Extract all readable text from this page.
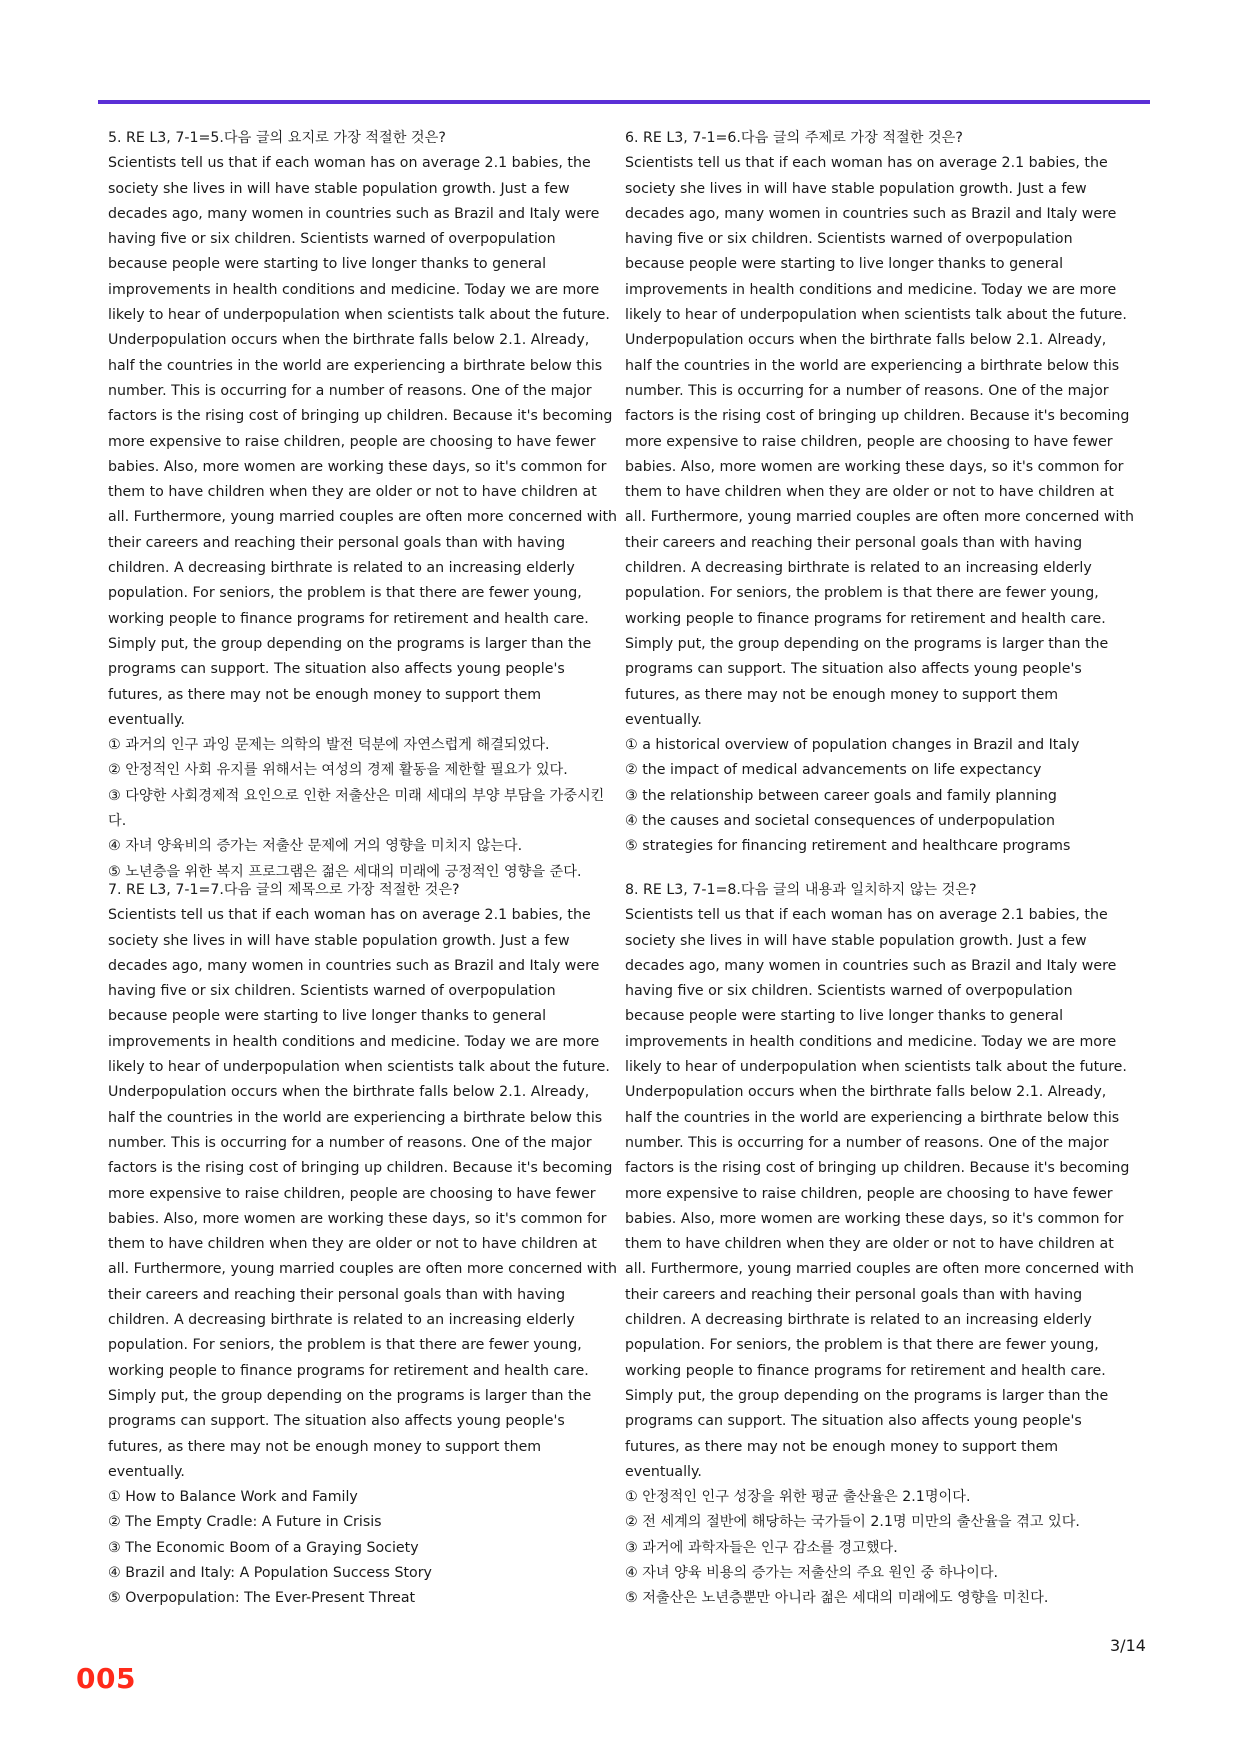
5. RE L3, 7-1=5.다음 글의 요지로 가장 적절한 것은?

Scientists tell us that if each woman has on average 2.1 babies, the society she lives in will have stable population growth. Just a few decades ago, many women in countries such as Brazil and Italy were having five or six children. Scientists warned of overpopulation because people were starting to live longer thanks to general improvements in health conditions and medicine. Today we are more likely to hear of underpopulation when scientists talk about the future. Underpopulation occurs when the birthrate falls below 2.1. Already, half the countries in the world are experiencing a birthrate below this number. This is occurring for a number of reasons. One of the major factors is the rising cost of bringing up children. Because it's becoming more expensive to raise children, people are choosing to have fewer babies. Also, more women are working these days, so it's common for them to have children when they are older or not to have children at all. Furthermore, young married couples are often more concerned with their careers and reaching their personal goals than with having children. A decreasing birthrate is related to an increasing elderly population. For seniors, the problem is that there are fewer young, working people to finance programs for retirement and health care. Simply put, the group depending on the programs is larger than the programs can support. The situation also affects young people's futures, as there may not be enough money to support them eventually.

① 과거의 인구 과잉 문제는 의학의 발전 덕분에 자연스럽게 해결되었다.
② 안정적인 사회 유지를 위해서는 여성의 경제 활동을 제한할 필요가 있다.
③ 다양한 사회경제적 요인으로 인한 저출산은 미래 세대의 부양 부담을 가중시킨다.
④ 자녀 양육비의 증가는 저출산 문제에 거의 영향을 미치지 않는다.
⑤ 노년층을 위한 복지 프로그램은 젊은 세대의 미래에 긍정적인 영향을 준다.

6. RE L3, 7-1=6.다음 글의 주제로 가장 적절한 것은?

Scientists tell us that if each woman has on average 2.1 babies, the society she lives in will have stable population growth. Just a few decades ago, many women in countries such as Brazil and Italy were having five or six children. Scientists warned of overpopulation because people were starting to live longer thanks to general improvements in health conditions and medicine. Today we are more likely to hear of underpopulation when scientists talk about the future. Underpopulation occurs when the birthrate falls below 2.1. Already, half the countries in the world are experiencing a birthrate below this number. This is occurring for a number of reasons. One of the major factors is the rising cost of bringing up children. Because it's becoming more expensive to raise children, people are choosing to have fewer babies. Also, more women are working these days, so it's common for them to have children when they are older or not to have children at all. Furthermore, young married couples are often more concerned with their careers and reaching their personal goals than with having children. A decreasing birthrate is related to an increasing elderly population. For seniors, the problem is that there are fewer young, working people to finance programs for retirement and health care. Simply put, the group depending on the programs is larger than the programs can support. The situation also affects young people's futures, as there may not be enough money to support them eventually.

① a historical overview of population changes in Brazil and Italy
② the impact of medical advancements on life expectancy
③ the relationship between career goals and family planning
④ the causes and societal consequences of underpopulation
⑤ strategies for financing retirement and healthcare programs

7. RE L3, 7-1=7.다음 글의 제목으로 가장 적절한 것은?

Scientists tell us that if each woman has on average 2.1 babies, the society she lives in will have stable population growth. Just a few decades ago, many women in countries such as Brazil and Italy were having five or six children. Scientists warned of overpopulation because people were starting to live longer thanks to general improvements in health conditions and medicine. Today we are more likely to hear of underpopulation when scientists talk about the future. Underpopulation occurs when the birthrate falls below 2.1. Already, half the countries in the world are experiencing a birthrate below this number. This is occurring for a number of reasons. One of the major factors is the rising cost of bringing up children. Because it's becoming more expensive to raise children, people are choosing to have fewer babies. Also, more women are working these days, so it's common for them to have children when they are older or not to have children at all. Furthermore, young married couples are often more concerned with their careers and reaching their personal goals than with having children. A decreasing birthrate is related to an increasing elderly population. For seniors, the problem is that there are fewer young, working people to finance programs for retirement and health care. Simply put, the group depending on the programs is larger than the programs can support. The situation also affects young people's futures, as there may not be enough money to support them eventually.

① How to Balance Work and Family
② The Empty Cradle: A Future in Crisis
③ The Economic Boom of a Graying Society
④ Brazil and Italy: A Population Success Story
⑤ Overpopulation: The Ever-Present Threat

8. RE L3, 7-1=8.다음 글의 내용과 일치하지 않는 것은?

Scientists tell us that if each woman has on average 2.1 babies, the society she lives in will have stable population growth. Just a few decades ago, many women in countries such as Brazil and Italy were having five or six children. Scientists warned of overpopulation because people were starting to live longer thanks to general improvements in health conditions and medicine. Today we are more likely to hear of underpopulation when scientists talk about the future. Underpopulation occurs when the birthrate falls below 2.1. Already, half the countries in the world are experiencing a birthrate below this number. This is occurring for a number of reasons. One of the major factors is the rising cost of bringing up children. Because it's becoming more expensive to raise children, people are choosing to have fewer babies. Also, more women are working these days, so it's common for them to have children when they are older or not to have children at all. Furthermore, young married couples are often more concerned with their careers and reaching their personal goals than with having children. A decreasing birthrate is related to an increasing elderly population. For seniors, the problem is that there are fewer young, working people to finance programs for retirement and health care. Simply put, the group depending on the programs is larger than the programs can support. The situation also affects young people's futures, as there may not be enough money to support them eventually.

① 안정적인 인구 성장을 위한 평균 출산율은 2.1명이다.
② 전 세계의 절반에 해당하는 국가들이 2.1명 미만의 출산율을 겪고 있다.
③ 과거에 과학자들은 인구 감소를 경고했다.
④ 자녀 양육 비용의 증가는 저출산의 주요 원인 중 하나이다.
⑤ 저출산은 노년층뿐만 아니라 젊은 세대의 미래에도 영향을 미친다.
3/14
005
